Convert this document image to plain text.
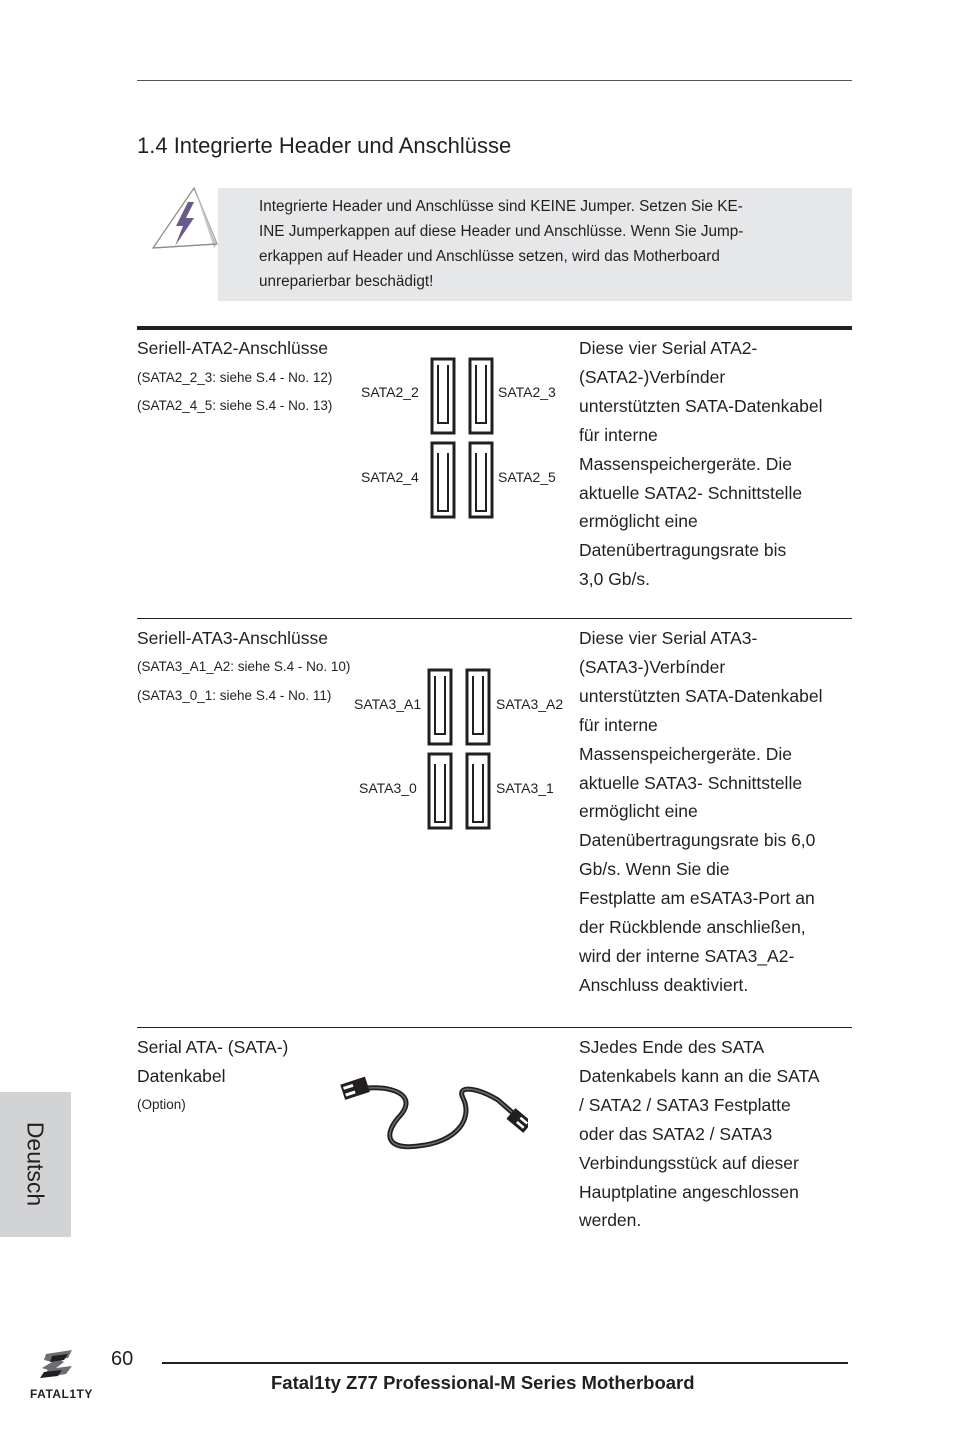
1.4 Integrierte Header und Anschlüsse
Integrierte Header und Anschlüsse sind KEINE Jumper. Setzen Sie KE-
INE Jumperkappen auf diese Header und Anschlüsse. Wenn Sie Jump-
erkappen auf Header und Anschlüsse setzen, wird das Motherboard
unreparierbar beschädigt!
Seriell-ATA2-Anschlüsse
(SATA2_2_3: siehe S.4 - No. 12)
(SATA2_4_5: siehe S.4 - No. 13)
SATA2_2	SATA2_3
SATA2_4	SATA2_5
Diese vier Serial ATA2-
(SATA2-)Verbínder
unterstützten SATA-Datenkabel
für interne
Massenspeichergeräte. Die
aktuelle SATA2- Schnittstelle
ermöglicht eine
Datenübertragungsrate bis
3,0 Gb/s.
Seriell-ATA3-Anschlüsse
(SATA3_A1_A2: siehe S.4 - No. 10)
(SATA3_0_1: siehe S.4 - No. 11)
SATA3_A1	SATA3_A2
SATA3_0	SATA3_1
Diese vier Serial ATA3-
(SATA3-)Verbínder
unterstützten SATA-Datenkabel
für interne
Massenspeichergeräte. Die
aktuelle SATA3- Schnittstelle
ermöglicht eine
Datenübertragungsrate bis 6,0
Gb/s. Wenn Sie die
Festplatte am eSATA3-Port an
der Rückblende anschließen,
wird der interne SATA3_A2-
Anschluss deaktiviert.
Serial ATA- (SATA-)
Datenkabel
(Option)
SJedes Ende des SATA
Datenkabels kann an die SATA
/ SATA2 / SATA3 Festplatte
oder das SATA2 / SATA3
Verbindungsstück auf dieser
Hauptplatine angeschlossen
werden.
Deutsch
FATAL1TY
60
Fatal1ty Z77 Professional-M Series Motherboard
